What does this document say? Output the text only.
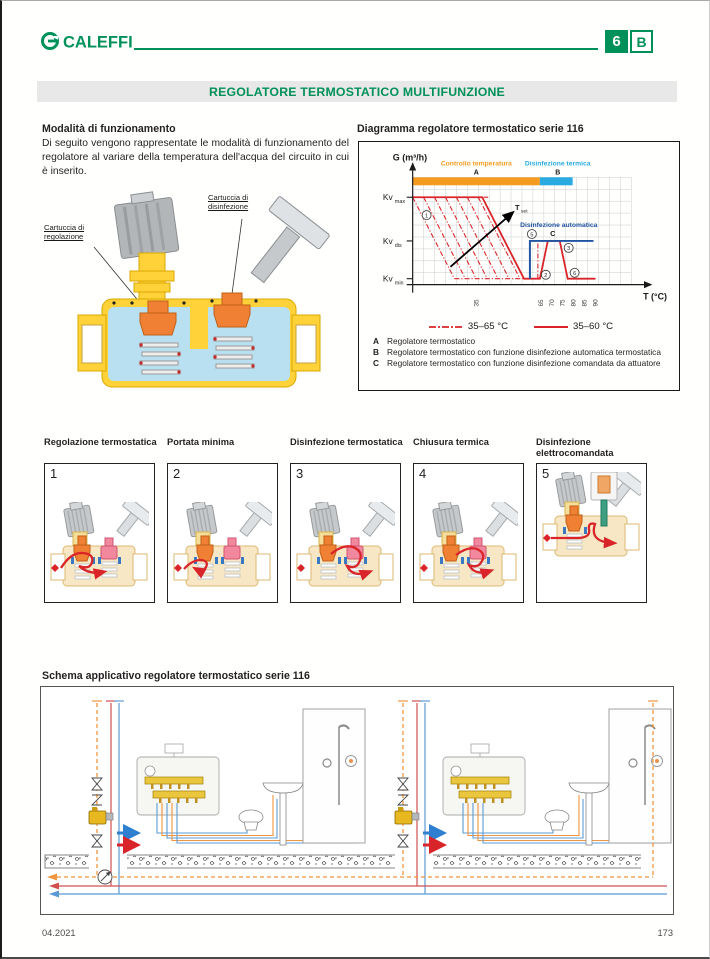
CALEFFI	6	B
REGOLATORE TERMOSTATICO MULTIFUNZIONE

Modalità di funzionamento

Di seguito vengono rappresentate le modalità di funzionamento del regolatore al variare della temperatura dell'acqua del circuito in cui è inserito.

Cartuccia di regolazione
Cartuccia di disinfezione
Diagramma regolatore termostatico serie 116
G (m³/h)
Controllo temperatura
A
Disinfezione termica
B
Kv max
Kv dis
Kv min
Disinfezione automatica
C
T set
35	65 70 75 80 85 90
T (°C)
1
5
2
3
6
35–65 °C	35–60 °C
A Regolatore termostatico
B Regolatore termostatico con funzione disinfezione automatica termostatica
C Regolatore termostatico con funzione disinfezione comandata da attuatore
Regolazione termostatica	Portata minima	Disinfezione termostatica	Chiusura termica	Disinfezione elettrocomandata
1	2	3	4	5
Schema applicativo regolatore termostatico serie 116
04.2021	173
